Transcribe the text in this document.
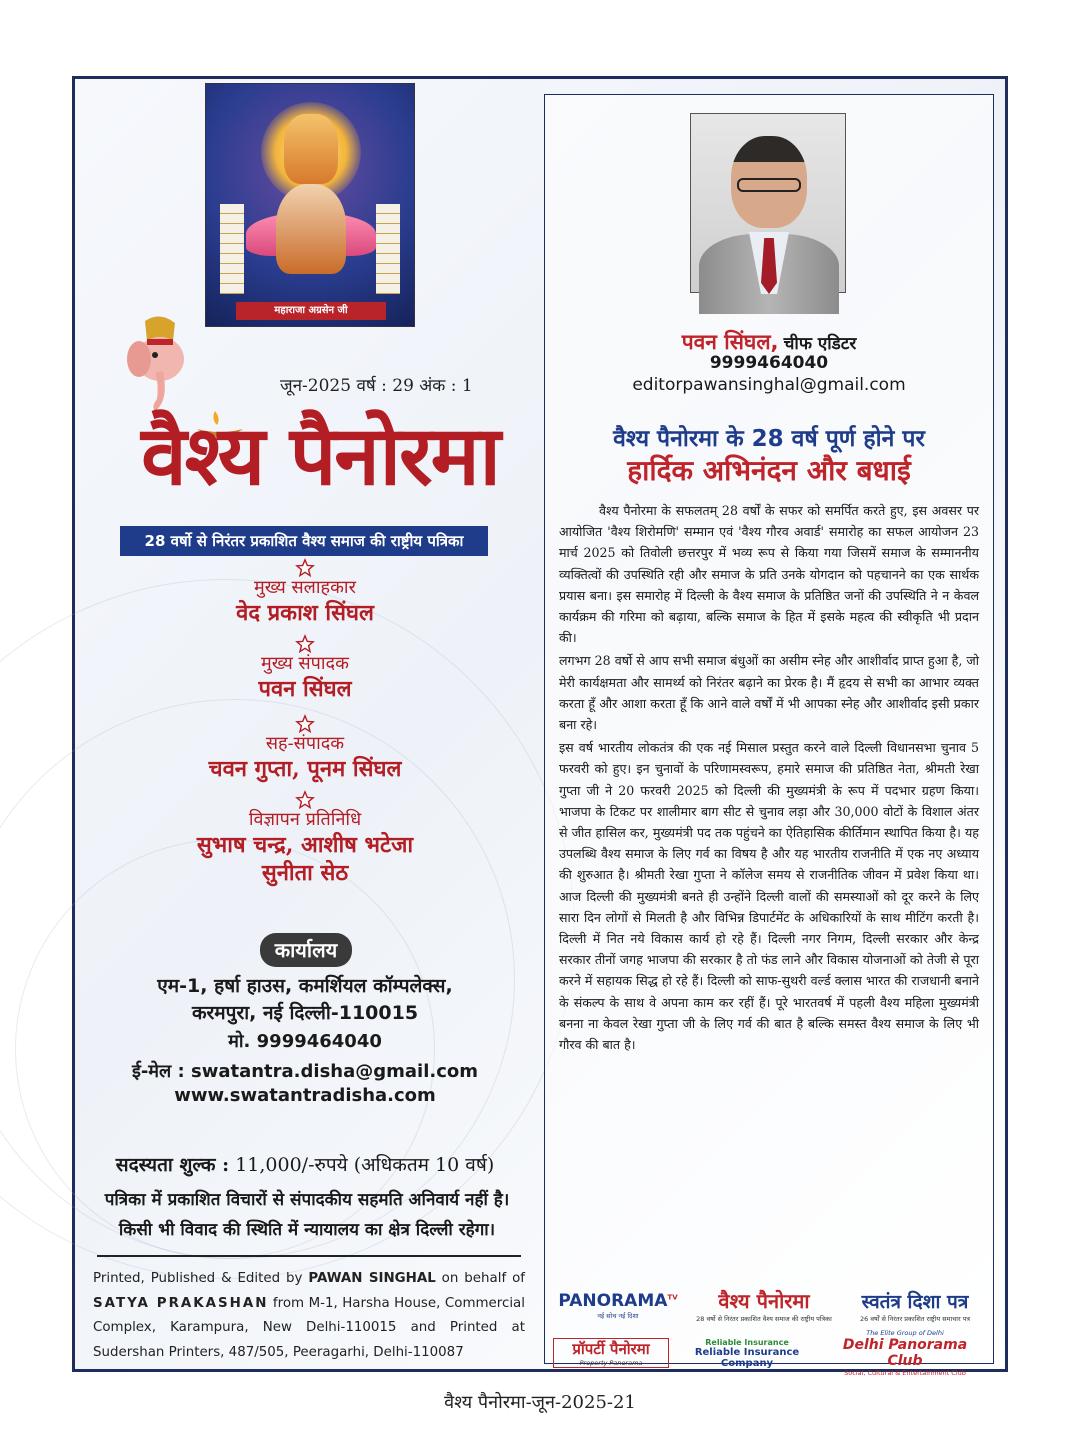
महाराजा अग्रसेन जी
जून-2025 वर्ष : 29 अंक : 1
वैश्य पैनोरमा
28 वर्षो से निरंतर प्रकाशित वैश्य समाज की राष्ट्रीय पत्रिका
मुख्य सलाहकार
वेद प्रकाश सिंघल
मुख्य संपादक
पवन सिंघल
सह-संपादक
चवन गुप्ता, पूनम सिंघल
विज्ञापन प्रतिनिधि
सुभाष चन्द्र, आशीष भटेजा
सुनीता सेठ
कार्यालय
एम-1, हर्षा हाउस, कमर्शियल कॉम्पलेक्स,
करमपुरा, नई दिल्ली-110015
मो. 9999464040
ई-मेल : swatantra.disha@gmail.com
www.swatantradisha.com
सदस्यता शुल्क : 11,000/-रुपये (अधिकतम 10 वर्ष)
पत्रिका में प्रकाशित विचारों से संपादकीय सहमति अनिवार्य नहीं है।
किसी भी विवाद की स्थिति में न्यायालय का क्षेत्र दिल्ली रहेगा।
Printed, Published & Edited by PAWAN SINGHAL on behalf of SATYA PRAKASHAN from M-1, Harsha House, Commercial Complex, Karampura, New Delhi-110015 and Printed at Sudershan Printers, 487/505, Peeragarhi, Delhi-110087
पवन सिंघल, चीफ एडिटर
9999464040
editorpawansinghal@gmail.com
वैश्य पैनोरमा के 28 वर्ष पूर्ण होने पर
हार्दिक अभिनंदन और बधाई

वैश्य पैनोरमा के सफलतम् 28 वर्षों के सफर को समर्पित करते हुए, इस अवसर पर आयोजित 'वैश्य शिरोमणि' सम्मान एवं 'वैश्य गौरव अवार्ड' समारोह का सफल आयोजन 23 मार्च 2025 को तिवोली छत्तरपुर में भव्य रूप से किया गया जिसमें समाज के सम्माननीय व्यक्तित्वों की उपस्थिति रही और समाज के प्रति उनके योगदान को पहचानने का एक सार्थक प्रयास बना। इस समारोह में दिल्ली के वैश्य समाज के प्रतिष्ठित जनों की उपस्थिति ने न केवल कार्यक्रम की गरिमा को बढ़ाया, बल्कि समाज के हित में इसके महत्व की स्वीकृति भी प्रदान की।

लगभग 28 वर्षो से आप सभी समाज बंधुओं का असीम स्नेह और आशीर्वाद प्राप्त हुआ है, जो मेरी कार्यक्षमता और सामर्थ्य को निरंतर बढ़ाने का प्रेरक है। मैं हृदय से सभी का आभार व्यक्त करता हूँ और आशा करता हूँ कि आने वाले वर्षों में भी आपका स्नेह और आशीर्वाद इसी प्रकार बना रहे।

इस वर्ष भारतीय लोकतंत्र की एक नई मिसाल प्रस्तुत करने वाले दिल्ली विधानसभा चुनाव 5 फरवरी को हुए। इन चुनावों के परिणामस्वरूप, हमारे समाज की प्रतिष्ठित नेता, श्रीमती रेखा गुप्ता जी ने 20 फरवरी 2025 को दिल्ली की मुख्यमंत्री के रूप में पदभार ग्रहण किया। भाजपा के टिकट पर शालीमार बाग सीट से चुनाव लड़ा और 30,000 वोटों के विशाल अंतर से जीत हासिल कर, मुख्यमंत्री पद तक पहुंचने का ऐतिहासिक कीर्तिमान स्थापित किया है। यह उपलब्धि वैश्य समाज के लिए गर्व का विषय है और यह भारतीय राजनीति में एक नए अध्याय की शुरुआत है। श्रीमती रेखा गुप्ता ने कॉलेज समय से राजनीतिक जीवन में प्रवेश किया था। आज दिल्ली की मुख्यमंत्री बनते ही उन्होंने दिल्ली वालों की समस्याओं को दूर करने के लिए सारा दिन लोगों से मिलती है और विभिन्न डिपार्टमेंट के अधिकारियों के साथ मीटिंग करती है। दिल्ली में नित नये विकास कार्य हो रहे हैं। दिल्ली नगर निगम, दिल्ली सरकार और केन्द्र सरकार तीनों जगह भाजपा की सरकार है तो फंड लाने और विकास योजनाओं को तेजी से पूरा करने में सहायक सिद्ध हो रहे हैं। दिल्ली को साफ-सुथरी वर्ल्ड क्लास भारत की राजधानी बनाने के संकल्प के साथ वे अपना काम कर रहीं हैं। पूरे भारतवर्ष में पहली वैश्य महिला मुख्यमंत्री बनना ना केवल रेखा गुप्ता जी के लिए गर्व की बात है बल्कि समस्त वैश्य समाज के लिए भी गौरव की बात है।

$PANORAMA^{TV}$
नई सोच नई दिशा
वैश्य पैनोरमा
28 वर्षो से निरंतर प्रकाशित वैश्य समाज की राष्ट्रीय पत्रिका
स्वतंत्र दिशा पत्र
26 वर्षों से निरंतर प्रकाशित राष्ट्रीय समाचार पत्र
प्रॉपर्टी पैनोरमा
Property Panorama
Reliable Insurance
Reliable Insurance Company
The Elite Group of Delhi
Delhi Panorama Club
Social, Cultural & Entertainment Club
वैश्य पैनोरमा-जून-2025-21
